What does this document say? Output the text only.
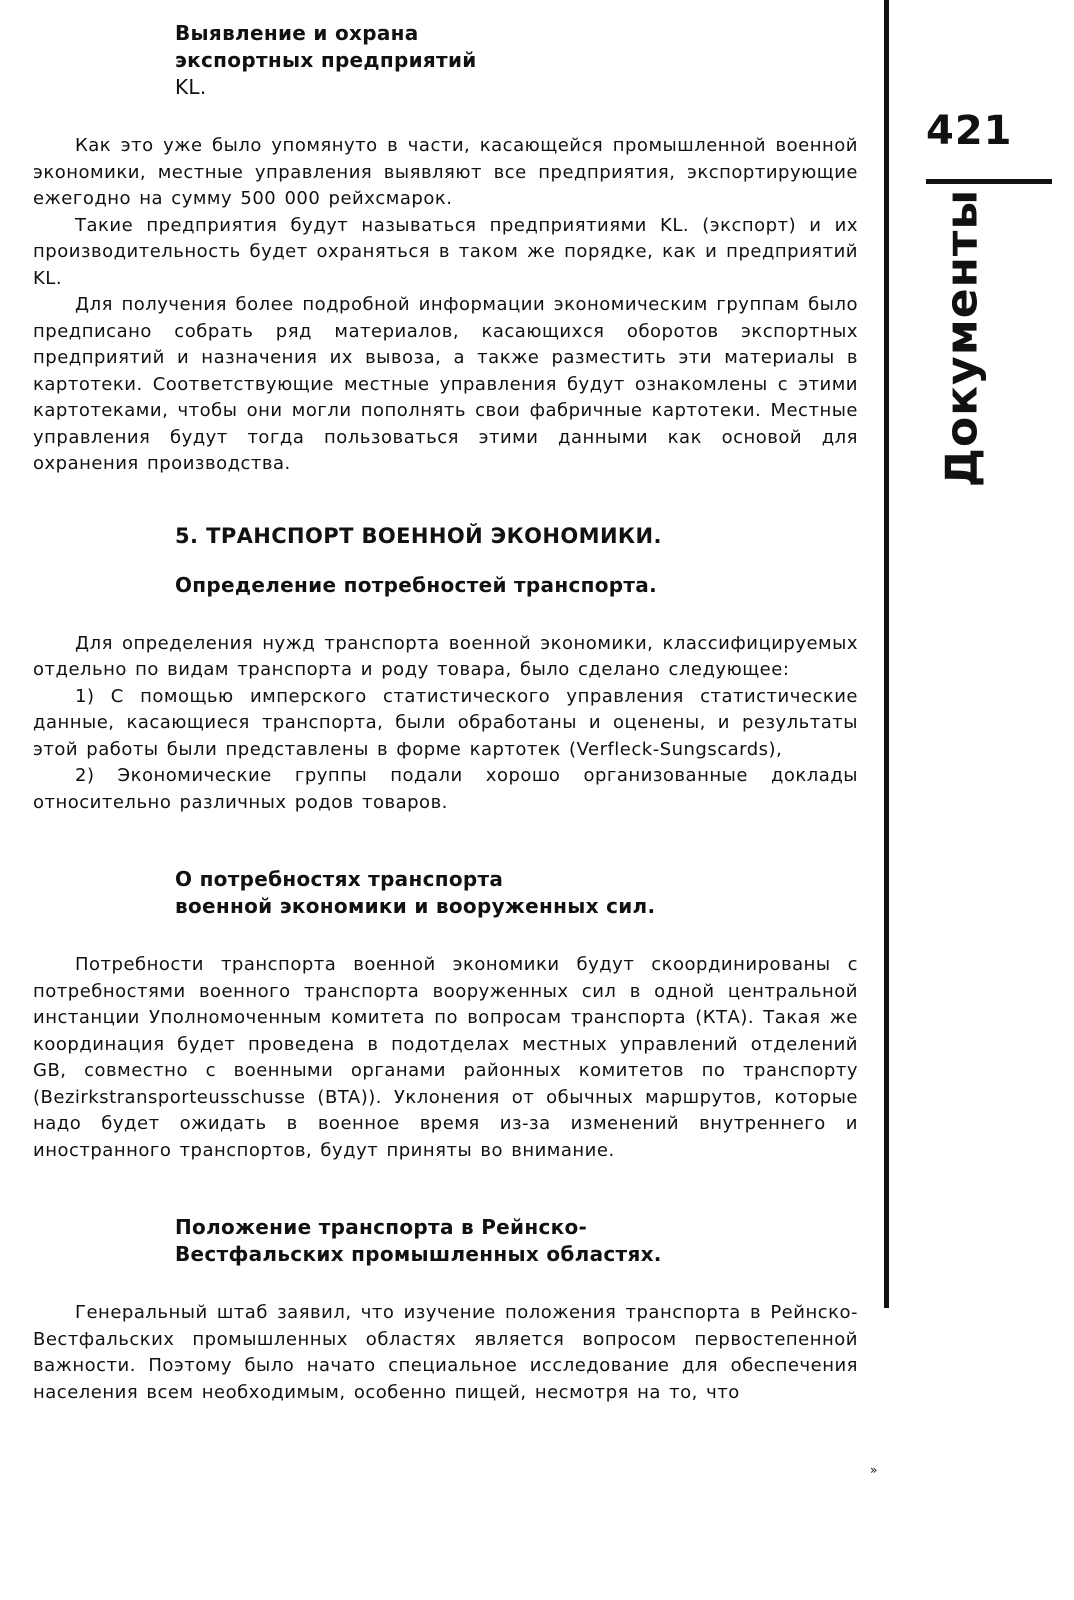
421
Документы
»
Выявление и охрана
экспортных предприятий
KL.

Как это уже было упомянуто в части, касающейся промышленной военной экономики, местные управления выявляют все предприятия, экспортирующие ежегодно на сумму 500 000 рейхсмарок.

Такие предприятия будут называться предприятиями KL. (экспорт) и их производительность будет охраняться в таком же порядке, как и предприятий KL.

Для получения более подробной информации экономическим группам было предписано собрать ряд материалов, касающихся оборотов экспортных предприятий и назначения их вывоза, а также разместить эти материалы в картотеки. Соответствующие местные управления будут ознакомлены с этими картотеками, чтобы они могли пополнять свои фабричные картотеки. Местные управления будут тогда пользоваться этими данными как основой для охранения производства.

5. ТРАНСПОРТ ВОЕННОЙ ЭКОНОМИКИ.
Определение потребностей транспорта.

Для определения нужд транспорта военной экономики, классифицируемых отдельно по видам транспорта и роду товара, было сделано следующее:

1) С помощью имперского статистического управления статистические данные, касающиеся транспорта, были обработаны и оценены, и результаты этой работы были представлены в форме картотек (Verfleck-Sungscards),

2) Экономические группы подали хорошо организованные доклады относительно различных родов товаров.

О потребностях транспорта
военной экономики и вооруженных сил.

Потребности транспорта военной экономики будут скоординированы с потребностями военного транспорта вооруженных сил в одной центральной инстанции Уполномоченным комитета по вопросам транспорта (КТА). Такая же координация будет проведена в подотделах местных управлений отделений GB, совместно с военными органами районных комитетов по транспорту (Bezirkstransporteusschusse (BTA)). Уклонения от обычных маршрутов, которые надо будет ожидать в военное время из-за изменений внутреннего и иностранного транспортов, будут приняты во внимание.

Положение транспорта в Рейнско-
Вестфальских промышленных областях.

Генеральный штаб заявил, что изучение положения транспорта в Рейнско-Вестфальских промышленных областях является вопросом первостепенной важности. Поэтому было начато специальное исследование для обеспечения населения всем необходимым, особенно пищей, несмотря на то, что
